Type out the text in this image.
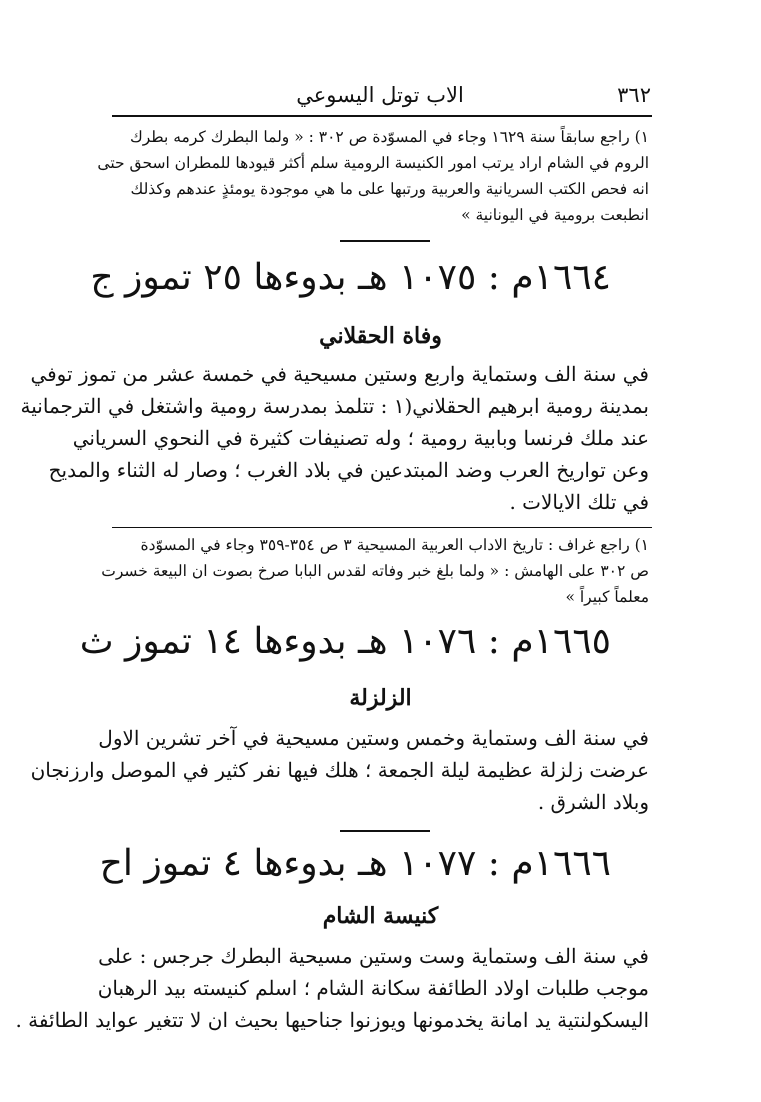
٣٦٢
الاب توتل اليسوعي
١) راجع سابقاً سنة ١٦٢٩ وجاء في المسوّدة ص ٣٠٢ : « ولما البطرك كرمه بطرك
الروم في الشام اراد يرتب امور الكنيسة الرومية سلم أكثر قيودها للمطران اسحق حتى
انه فحص الكتب السريانية والعربية ورتبها على ما هي موجودة يومئذٍ عندهم وكذلك
انطبعت برومية في اليونانية »
١٦٦٤م : ١٠٧٥ هـ بدوءها ٢٥ تموز ج
وفاة الحقلاني
في سنة الف وستماية واربع وستين مسيحية في خمسة عشر من تموز توفي
بمدينة رومية ابرهيم الحقلاني(١ : تتلمذ بمدرسة رومية واشتغل في الترجمانية
عند ملك فرنسا وبابية رومية ؛ وله تصنيفات كثيرة في النحوي السرياني
وعن تواريخ العرب وضد المبتدعين في بلاد الغرب ؛ وصار له الثناء والمديح
في تلك الايالات .
١) راجع غراف : تاريخ الاداب العربية المسيحية ٣ ص ٣٥٤-٣٥٩ وجاء في المسوّدة
ص ٣٠٢ على الهامش : « ولما بلغ خبر وفاته لقدس البابا صرخ بصوت ان البيعة خسرت
معلماً كبيراً »
١٦٦٥م : ١٠٧٦ هـ بدوءها ١٤ تموز ث
الزلزلة
في سنة الف وستماية وخمس وستين مسيحية في آخر تشرين الاول
عرضت زلزلة عظيمة ليلة الجمعة ؛ هلك فيها نفر كثير في الموصل وارزنجان
وبلاد الشرق .
١٦٦٦م : ١٠٧٧ هـ بدوءها ٤ تموز اح
كنيسة الشام
في سنة الف وستماية وست وستين مسيحية البطرك جرجس : على
موجب طلبات اولاد الطائفة سكانة الشام ؛ اسلم كنيسته بيد الرهبان
اليسكولنتية يد امانة يخدمونها ويوزنوا جناحيها بحيث ان لا تتغير عوايد الطائفة .
